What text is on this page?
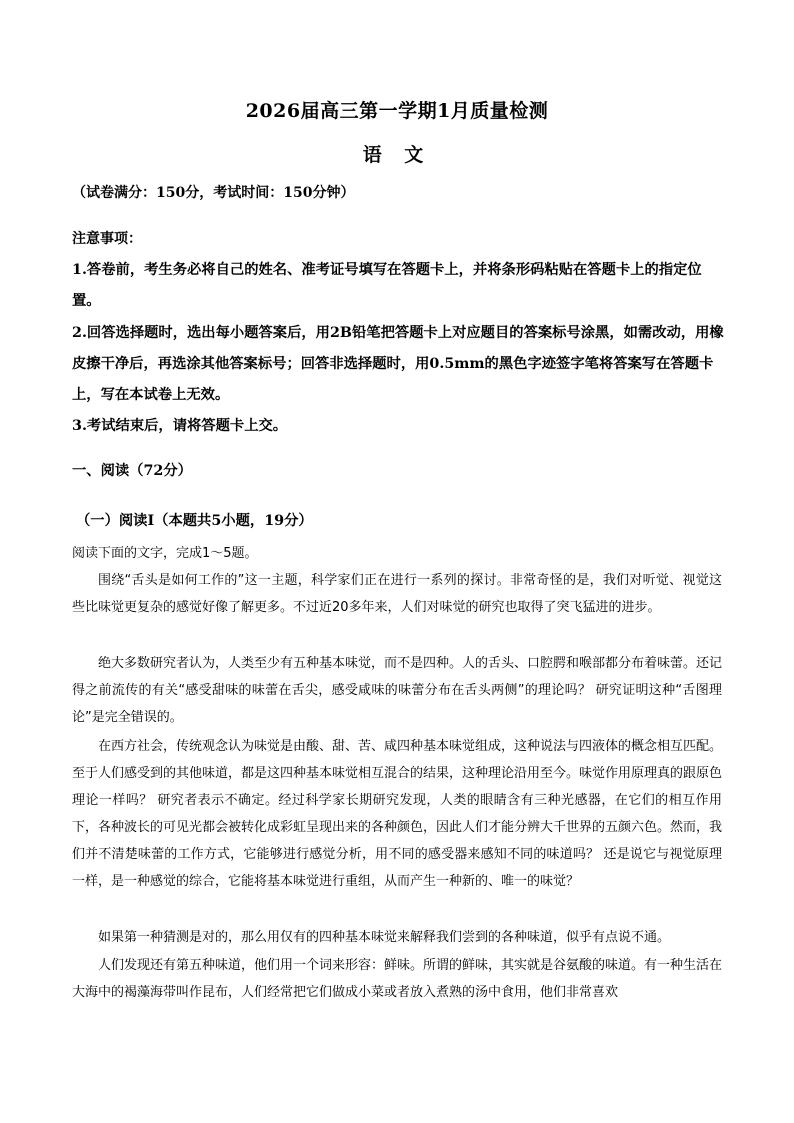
2026届高三第一学期1月质量检测
语 文
（试卷满分：150分，考试时间：150分钟）
注意事项：
1.答卷前，考生务必将自己的姓名、准考证号填写在答题卡上，并将条形码粘贴在答题卡上的指定位置。
2.回答选择题时，选出每小题答案后，用2B铅笔把答题卡上对应题目的答案标号涂黑，如需改动，用橡皮擦干净后，再选涂其他答案标号；回答非选择题时，用0.5mm的黑色字迹签字笔将答案写在答题卡上，写在本试卷上无效。
3.考试结束后，请将答题卡上交。
一、阅读（72分）
（一）阅读Ⅰ（本题共5小题，19分）
阅读下面的文字，完成1～5题。
围绕“舌头是如何工作的”这一主题，科学家们正在进行一系列的探讨。非常奇怪的是，我们对听觉、视觉这些比味觉更复杂的感觉好像了解更多。不过近20多年来，人们对味觉的研究也取得了突飞猛进的进步。
绝大多数研究者认为，人类至少有五种基本味觉，而不是四种。人的舌头、口腔腭和喉部都分布着味蕾。还记得之前流传的有关“感受甜味的味蕾在舌尖，感受咸味的味蕾分布在舌头两侧”的理论吗？ 研究证明这种“舌图理论”是完全错误的。
在西方社会，传统观念认为味觉是由酸、甜、苦、咸四种基本味觉组成，这种说法与四液体的概念相互匹配。至于人们感受到的其他味道，都是这四种基本味觉相互混合的结果，这种理论沿用至今。味觉作用原理真的跟原色理论一样吗？ 研究者表示不确定。经过科学家长期研究发现，人类的眼睛含有三种光感器，在它们的相互作用下，各种波长的可见光都会被转化成彩虹呈现出来的各种颜色，因此人们才能分辨大千世界的五颜六色。然而，我们并不清楚味蕾的工作方式，它能够进行感觉分析，用不同的感受器来感知不同的味道吗？ 还是说它与视觉原理一样，是一种感觉的综合，它能将基本味觉进行重组，从而产生一种新的、唯一的味觉？
如果第一种猜测是对的，那么用仅有的四种基本味觉来解释我们尝到的各种味道，似乎有点说不通。
人们发现还有第五种味道，他们用一个词来形容：鲜味。所谓的鲜味，其实就是谷氨酸的味道。有一种生活在大海中的褐藻海带叫作昆布，人们经常把它们做成小菜或者放入煮熟的汤中食用，他们非常喜欢
